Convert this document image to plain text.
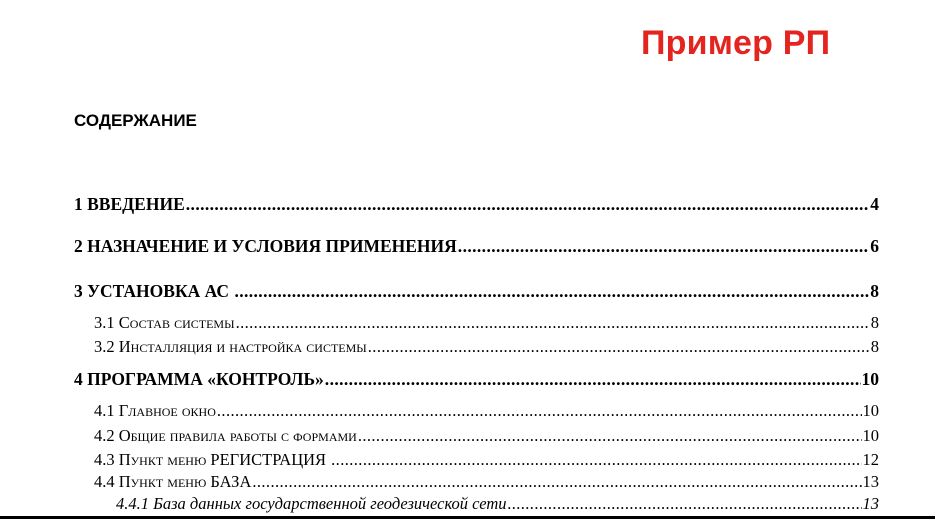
Пример РП
СОДЕРЖАНИЕ
1 ВВЕДЕНИЕ .....	4
2 НАЗНАЧЕНИЕ И УСЛОВИЯ ПРИМЕНЕНИЯ .....	6
3 УСТАНОВКА АС .....	8
3.1 Состав системы .....	8
3.2 Инсталляция и настройка системы .....	8
4 ПРОГРАММА «КОНТРОЛЬ» .....	10
4.1 Главное окно .....	10
4.2 Общие правила работы с формами .....	10
4.3 Пункт меню РЕГИСТРАЦИЯ .....	12
4.4 Пункт меню БАЗА .....	13
4.4.1 База данных государственной геодезической сети .....	13
